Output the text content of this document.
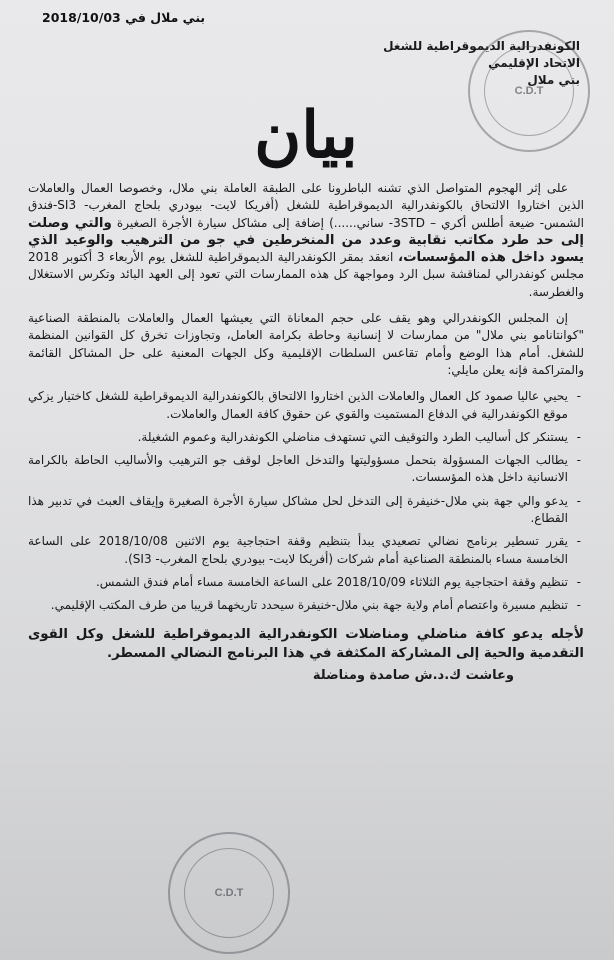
بني ملال في 2018/10/03
الكونفدرالية الديموقراطية للشغل
الاتحاد الإقليمي
بني ملال
C.D.T
بيان

على إثر الهجوم المتواصل الذي تشنه الباطرونا على الطبقة العاملة بني ملال، وخصوصا العمال والعاملات الذين اختاروا الالتحاق بالكونفدرالية الديموقراطية للشغل (أفريكا لايت- بيودري بلحاج المغرب- SI3-فندق الشمس- ضيعة أطلس أكري – 3STD- ساني......) إضافة إلى مشاكل سيارة الأجرة الصغيرة والتي وصلت إلى حد طرد مكاتب نقابية وعدد من المنخرطين في جو من الترهيب والوعيد الذي يسود داخل هذه المؤسسات، انعقد بمقر الكونفدرالية الديموقراطية للشغل يوم الأربعاء 3 أكتوبر 2018 مجلس كونفدرالي لمناقشة سبل الرد ومواجهة كل هذه الممارسات التي تعود إلى العهد البائد وتكرس الاستغلال والغطرسة.

إن المجلس الكونفدرالي وهو يقف على حجم المعاناة التي يعيشها العمال والعاملات بالمنطقة الصناعية "كوانتانامو بني ملال" من ممارسات لا إنسانية وحاطة بكرامة العامل، وتجاوزات تخرق كل القوانين المنظمة للشغل. أمام هذا الوضع وأمام تقاعس السلطات الإقليمية وكل الجهات المعنية على حل المشاكل القائمة والمتراكمة فإنه يعلن مايلي:

- يحيي عاليا صمود كل العمال والعاملات الذين اختاروا الالتحاق بالكونفدرالية الديموقراطية للشغل كاختيار يزكي موقع الكونفدرالية في الدفاع المستميت والقوي عن حقوق كافة العمال والعاملات.
- يستنكر كل أساليب الطرد والتوقيف التي تستهدف مناضلي الكونفدرالية وعموم الشغيلة.
- يطالب الجهات المسؤولة بتحمل مسؤوليتها والتدخل العاجل لوقف جو الترهيب والأساليب الحاطة بالكرامة الانسانية داخل هذه المؤسسات.
- يدعو والي جهة بني ملال-خنيفرة إلى التدخل لحل مشاكل سيارة الأجرة الصغيرة وإيقاف العبث في تدبير هذا القطاع.
- يقرر تسطير برنامج نضالي تصعيدي يبدأ بتنظيم وقفة احتجاجية يوم الاثنين 2018/10/08 على الساعة الخامسة مساء بالمنطقة الصناعية أمام شركات (أفريكا لايت- بيودري بلحاج المغرب- SI3).
- تنظيم وقفة احتجاجية يوم الثلاثاء 2018/10/09 على الساعة الخامسة مساء أمام فندق الشمس.
- تنظيم مسيرة واعتصام أمام ولاية جهة بني ملال-خنيفرة سيحدد تاريخهما قريبا من طرف المكتب الإقليمي.
لأجله يدعو كافة مناضلي ومناضلات الكونفدرالية الديموقراطية للشغل وكل القوى التقدمية والحية إلى المشاركة المكثفة في هذا البرنامج النضالي المسطر.
وعاشت ك.د.ش صامدة ومناضلة
C.D.T
